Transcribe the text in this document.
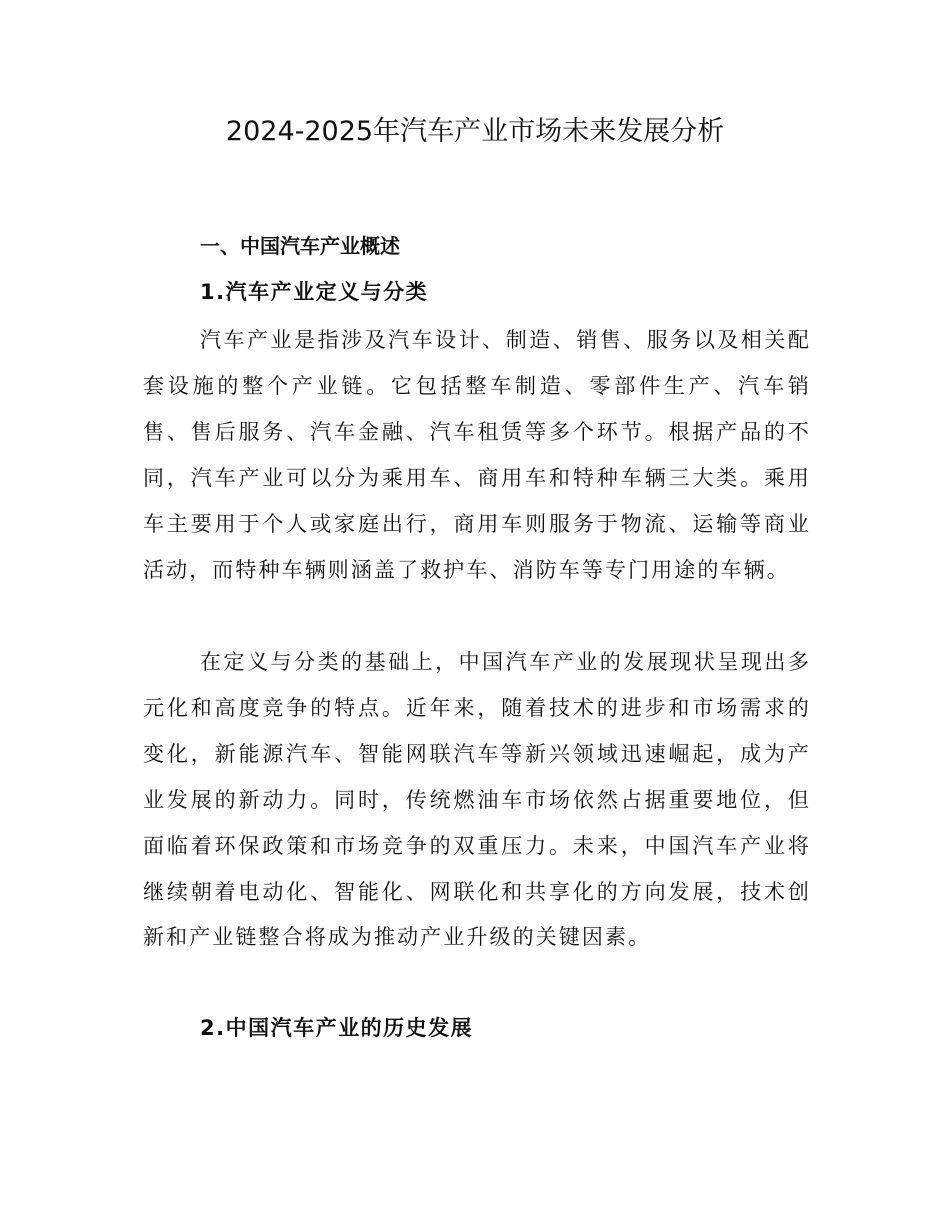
2024-2025年汽车产业市场未来发展分析
一、中国汽车产业概述
1.汽车产业定义与分类

汽车产业是指涉及汽车设计、制造、销售、服务以及相关配套设施的整个产业链。它包括整车制造、零部件生产、汽车销售、售后服务、汽车金融、汽车租赁等多个环节。根据产品的不同，汽车产业可以分为乘用车、商用车和特种车辆三大类。乘用车主要用于个人或家庭出行，商用车则服务于物流、运输等商业活动，而特种车辆则涵盖了救护车、消防车等专门用途的车辆。

在定义与分类的基础上，中国汽车产业的发展现状呈现出多元化和高度竞争的特点。近年来，随着技术的进步和市场需求的变化，新能源汽车、智能网联汽车等新兴领域迅速崛起，成为产业发展的新动力。同时，传统燃油车市场依然占据重要地位，但面临着环保政策和市场竞争的双重压力。未来，中国汽车产业将继续朝着电动化、智能化、网联化和共享化的方向发展，技术创新和产业链整合将成为推动产业升级的关键因素。

2.中国汽车产业的历史发展
